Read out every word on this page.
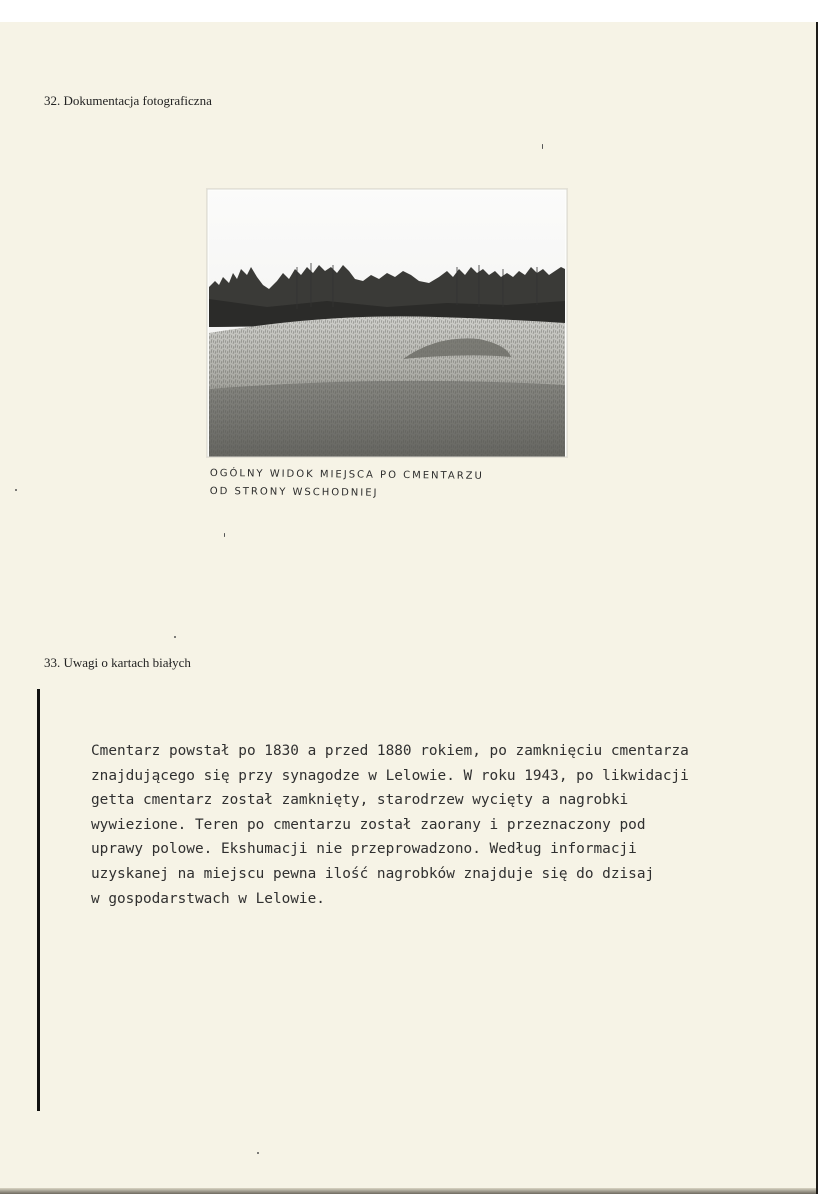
32. Dokumentacja fotograficzna
OGÓLNY WIDOK MIEJSCA PO CMENTARZU
OD STRONY WSCHODNIEJ
33. Uwagi o kartach białych
Cmentarz powstał po 1830 a przed 1880 rokiem, po zamknięciu cmentarza
znajdującego się przy synagodze w Lelowie. W roku 1943, po likwidacji
getta cmentarz został zamknięty, starodrzew wycięty a nagrobki
wywiezione. Teren po cmentarzu został zaorany i przeznaczony pod
uprawy polowe. Ekshumacji nie przeprowadzono. Według informacji
uzyskanej na miejscu pewna ilość nagrobków znajduje się do dzisaj
w gospodarstwach w Lelowie.
